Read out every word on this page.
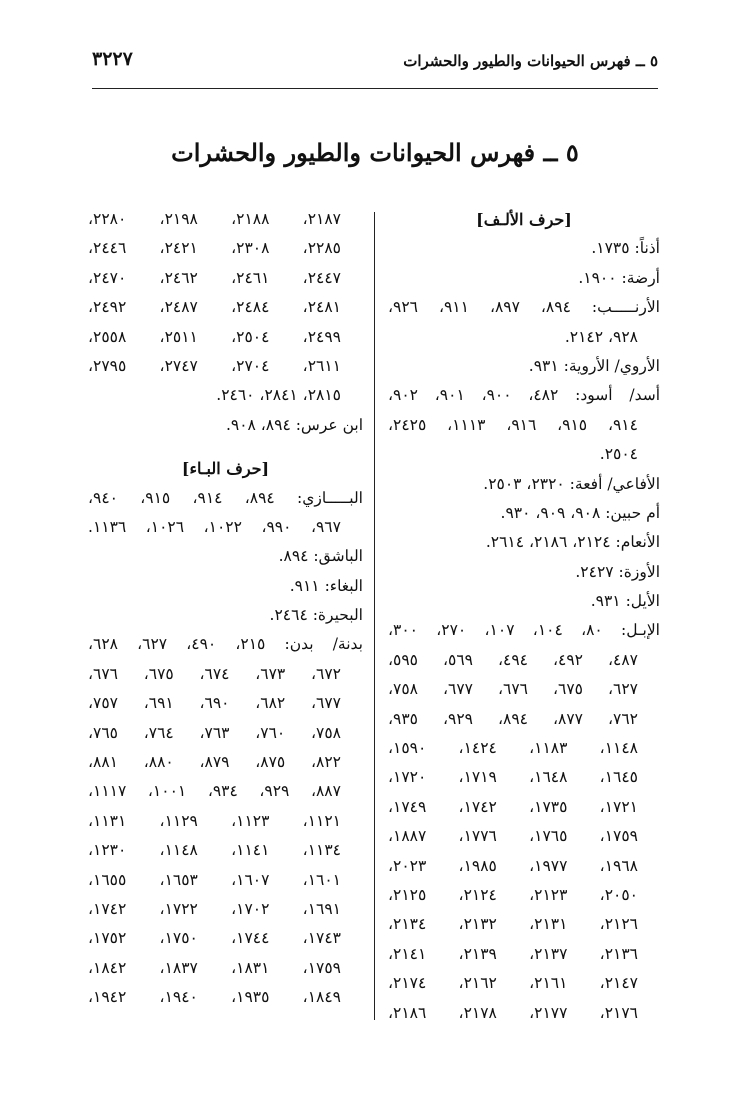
٥ ــ فهرس الحيوانات والطيور والحشرات
٣٢٢٧
٥ ــ فهرس الحيوانات والطيور والحشرات
[حرف الألـف]
أذناً: ١٧٣٥.
أرضة: ١٩٠٠.
الأرنـــــب: ٨٩٤، ٨٩٧، ٩١١، ٩٢٦،
٩٢٨، ٢١٤٢.
الأروي/ الأروية: ٩٣١.
أسد/ أسود: ٤٨٢، ٩٠٠، ٩٠١، ٩٠٢،
٩١٤، ٩١٥، ٩١٦، ١١١٣، ٢٤٢٥،
٢٥٠٤.
الأفاعي/ أفعة: ٢٣٢٠، ٢٥٠٣.
أم حبين: ٩٠٨، ٩٠٩، ٩٣٠.
الأنعام: ٢١٢٤، ٢١٨٦، ٢٦١٤.
الأوزة: ٢٤٢٧.
الأيل: ٩٣١.
الإبـل: ٨٠، ١٠٤، ١٠٧، ٢٧٠، ٣٠٠،
٤٨٧، ٤٩٢، ٤٩٤، ٥٦٩، ٥٩٥،
٦٢٧، ٦٧٥، ٦٧٦، ٦٧٧، ٧٥٨،
٧٦٢، ٨٧٧، ٨٩٤، ٩٢٩، ٩٣٥،
١١٤٨، ١١٨٣، ١٤٢٤، ١٥٩٠،
١٦٤٥، ١٦٤٨، ١٧١٩، ١٧٢٠،
١٧٢١، ١٧٣٥، ١٧٤٢، ١٧٤٩،
١٧٥٩، ١٧٦٥، ١٧٧٦، ١٨٨٧،
١٩٦٨، ١٩٧٧، ١٩٨٥، ٢٠٢٣،
٢٠٥٠، ٢١٢٣، ٢١٢٤، ٢١٢٥،
٢١٢٦، ٢١٣١، ٢١٣٢، ٢١٣٤،
٢١٣٦، ٢١٣٧، ٢١٣٩، ٢١٤١،
٢١٤٧، ٢١٦١، ٢١٦٢، ٢١٧٤،
٢١٧٦، ٢١٧٧، ٢١٧٨، ٢١٨٦،
٢١٨٧، ٢١٨٨، ٢١٩٨، ٢٢٨٠،
٢٢٨٥، ٢٣٠٨، ٢٤٢١، ٢٤٤٦،
٢٤٤٧، ٢٤٦١، ٢٤٦٢، ٢٤٧٠،
٢٤٨١، ٢٤٨٤، ٢٤٨٧، ٢٤٩٢،
٢٤٩٩، ٢٥٠٤، ٢٥١١، ٢٥٥٨،
٢٦١١، ٢٧٠٤، ٢٧٤٧، ٢٧٩٥،
٢٨١٥، ٢٨٤١، ٢٤٦٠.
ابن عرس: ٨٩٤، ٩٠٨.
[حرف البـاء]
البـــــازي: ٨٩٤، ٩١٤، ٩١٥، ٩٤٠،
٩٦٧، ٩٩٠، ١٠٢٢، ١٠٢٦، ١١٣٦.
الباشق: ٨٩٤.
البغاء: ٩١١.
البحيرة: ٢٤٦٤.
بدنة/ بدن: ٢١٥، ٤٩٠، ٦٢٧، ٦٢٨،
٦٧٢، ٦٧٣، ٦٧٤، ٦٧٥، ٦٧٦،
٦٧٧، ٦٨٢، ٦٩٠، ٦٩١، ٧٥٧،
٧٥٨، ٧٦٠، ٧٦٣، ٧٦٤، ٧٦٥،
٨٢٢، ٨٧٥، ٨٧٩، ٨٨٠، ٨٨١،
٨٨٧، ٩٢٩، ٩٣٤، ١٠٠١، ١١١٧،
١١٢١، ١١٢٣، ١١٢٩، ١١٣١،
١١٣٤، ١١٤١، ١١٤٨، ١٢٣٠،
١٦٠١، ١٦٠٧، ١٦٥٣، ١٦٥٥،
١٦٩١، ١٧٠٢، ١٧٢٢، ١٧٤٢،
١٧٤٣، ١٧٤٤، ١٧٥٠، ١٧٥٢،
١٧٥٩، ١٨٣١، ١٨٣٧، ١٨٤٢،
١٨٤٩، ١٩٣٥، ١٩٤٠، ١٩٤٢،
